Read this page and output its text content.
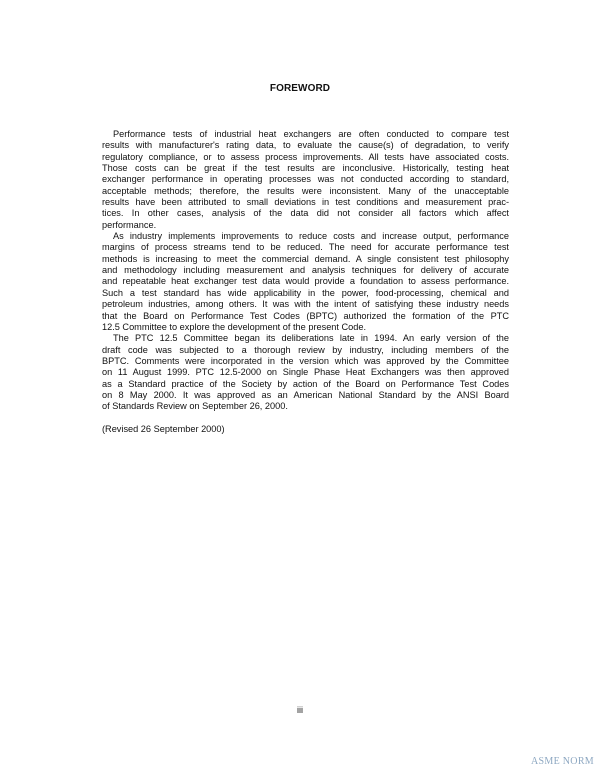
FOREWORD

Performance tests of industrial heat exchangers are often conducted to compare test
results with manufacturer's rating data, to evaluate the cause(s) of degradation, to verify
regulatory compliance, or to assess process improvements. All tests have associated costs.
Those costs can be great if the test results are inconclusive. Historically, testing heat
exchanger performance in operating processes was not conducted according to standard,
acceptable methods; therefore, the results were inconsistent. Many of the unacceptable
results have been attributed to small deviations in test conditions and measurement prac-
tices. In other cases, analysis of the data did not consider all factors which affect
performance.

As industry implements improvements to reduce costs and increase output, performance
margins of process streams tend to be reduced. The need for accurate performance test
methods is increasing to meet the commercial demand. A single consistent test philosophy
and methodology including measurement and analysis techniques for delivery of accurate
and repeatable heat exchanger test data would provide a foundation to assess performance.
Such a test standard has wide applicability in the power, food-processing, chemical and
petroleum industries, among others. It was with the intent of satisfying these industry needs
that the Board on Performance Test Codes (BPTC) authorized the formation of the PTC
12.5 Committee to explore the development of the present Code.

The PTC 12.5 Committee began its deliberations late in 1994. An early version of the
draft code was subjected to a thorough review by industry, including members of the
BPTC. Comments were incorporated in the version which was approved by the Committee
on 11 August 1999. PTC 12.5-2000 on Single Phase Heat Exchangers was then approved
as a Standard practice of the Society by action of the Board on Performance Test Codes
on 8 May 2000. It was approved as an American National Standard by the ANSI Board
of Standards Review on September 26, 2000.

(Revised 26 September 2000)
iii
ASME NORM
